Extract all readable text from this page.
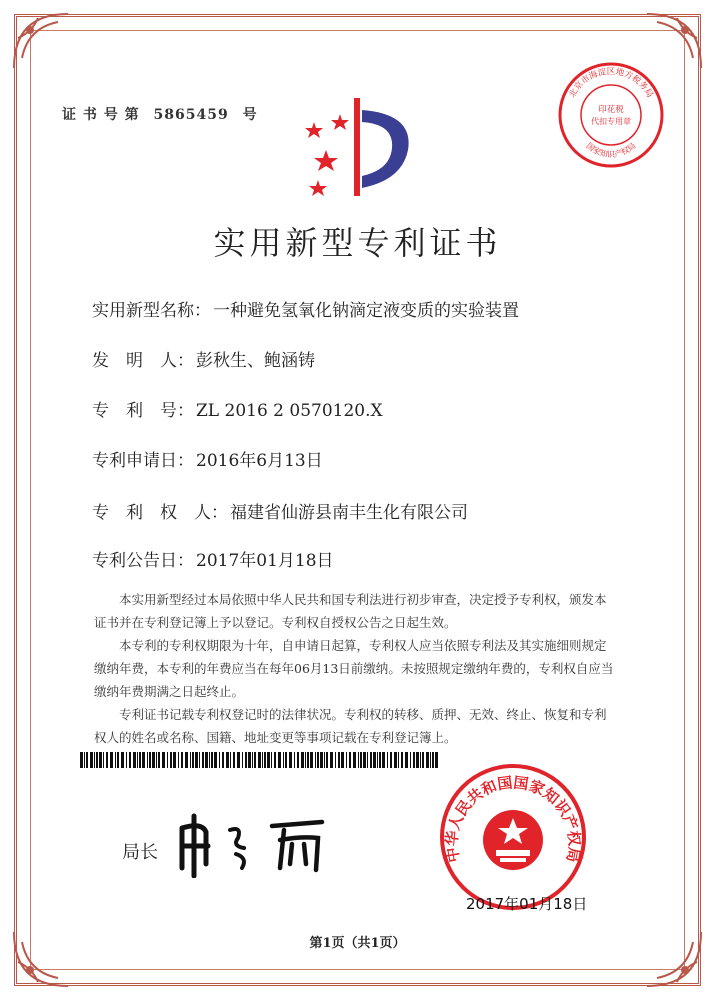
证 书 号 第 5865459 号
实用新型专利证书
实用新型名称： 一种避免氢氧化钠滴定液变质的实验装置
发　明　人： 彭秋生、鲍涵铸
专　利　号： ZL 2016 2 0570120.X
专利申请日： 2016年6月13日
专　利　权　人： 福建省仙游县南丰生化有限公司
专利公告日： 2017年01月18日

本实用新型经过本局依照中华人民共和国专利法进行初步审查，决定授予专利权，颁发本证书并在专利登记簿上予以登记。专利权自授权公告之日起生效。

本专利的专利权期限为十年，自申请日起算，专利权人应当依照专利法及其实施细则规定缴纳年费，本专利的年费应当在每年06月13日前缴纳。未按照规定缴纳年费的，专利权自应当缴纳年费期满之日起终止。

专利证书记载专利权登记时的法律状况。专利权的转移、质押、无效、终止、恢复和专利权人的姓名或名称、国籍、地址变更等事项记载在专利登记簿上。

局长
北京市海淀区地方税务局
国家知识产权局
印花税
代扣专用章
中华人民共和国国家知识产权局
2017年01月18日
第1页（共1页）
